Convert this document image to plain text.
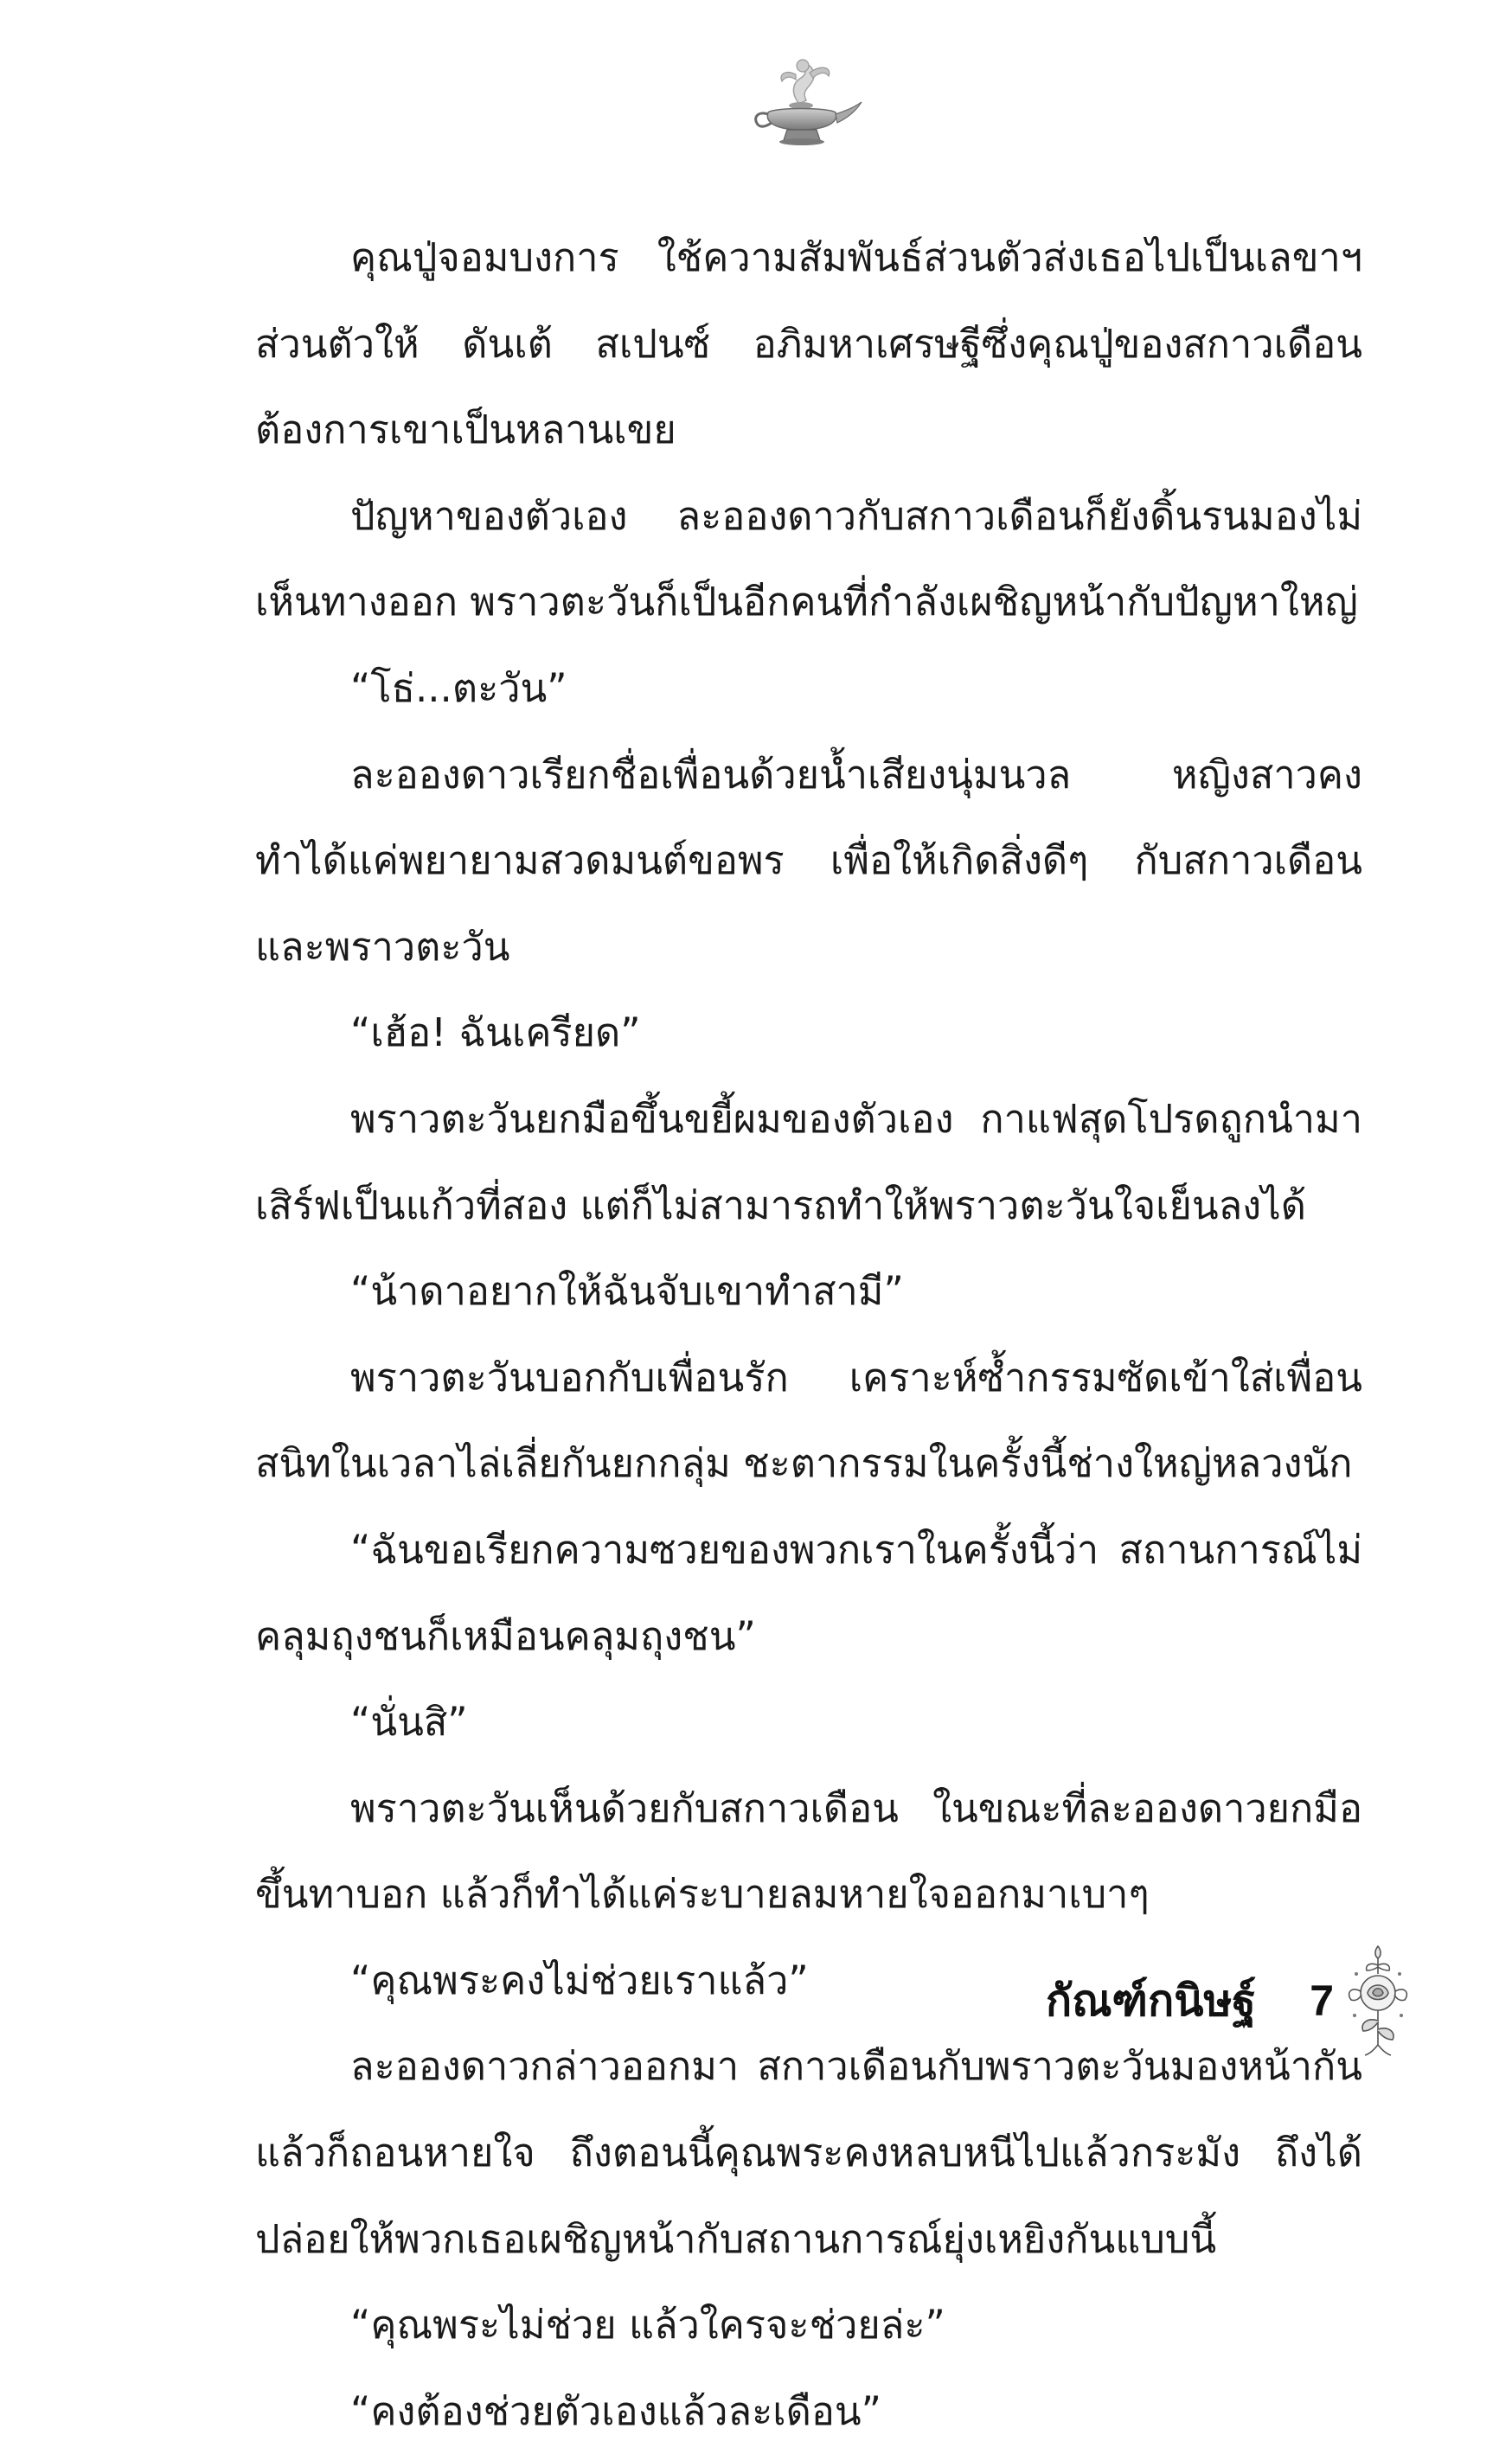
คุณปู่จอมบงการ ใช้ความสัมพันธ์ส่วนตัวส่งเธอไปเป็นเลขาฯ ส่วนตัวให้ ดันเต้ สเปนซ์ อภิมหาเศรษฐีซึ่งคุณปู่ของสกาวเดือนต้องการเขาเป็นหลานเขย

ปัญหาของตัวเอง ละอองดาวกับสกาวเดือนก็ยังดิ้นรนมองไม่เห็นทางออก พราวตะวันก็เป็นอีกคนที่กำลังเผชิญหน้ากับปัญหาใหญ่

“โธ่...ตะวัน”

ละอองดาวเรียกชื่อเพื่อนด้วยน้ำเสียงนุ่มนวล หญิงสาวคงทำได้แค่พยายามสวดมนต์ขอพร เพื่อให้เกิดสิ่งดีๆ กับสกาวเดือนและพราวตะวัน

“เฮ้อ! ฉันเครียด”

พราวตะวันยกมือขึ้นขยี้ผมของตัวเอง กาแฟสุดโปรดถูกนำมาเสิร์ฟเป็นแก้วที่สอง แต่ก็ไม่สามารถทำให้พราวตะวันใจเย็นลงได้

“น้าดาอยากให้ฉันจับเขาทำสามี”

พราวตะวันบอกกับเพื่อนรัก เคราะห์ซ้ำกรรมซัดเข้าใส่เพื่อนสนิทในเวลาไล่เลี่ยกันยกกลุ่ม ชะตากรรมในครั้งนี้ช่างใหญ่หลวงนัก

“ฉันขอเรียกความซวยของพวกเราในครั้งนี้ว่า สถานการณ์ไม่คลุมถุงชนก็เหมือนคลุมถุงชน”

“นั่นสิ”

พราวตะวันเห็นด้วยกับสกาวเดือน ในขณะที่ละอองดาวยกมือขึ้นทาบอก แล้วก็ทำได้แค่ระบายลมหายใจออกมาเบาๆ

“คุณพระคงไม่ช่วยเราแล้ว”

ละอองดาวกล่าวออกมา สกาวเดือนกับพราวตะวันมองหน้ากันแล้วก็ถอนหายใจ ถึงตอนนี้คุณพระคงหลบหนีไปแล้วกระมัง ถึงได้ปล่อยให้พวกเธอเผชิญหน้ากับสถานการณ์ยุ่งเหยิงกันแบบนี้

“คุณพระไม่ช่วย แล้วใครจะช่วยล่ะ”

“คงต้องช่วยตัวเองแล้วละเดือน”

กัณฑ์กนิษฐ์ 7
